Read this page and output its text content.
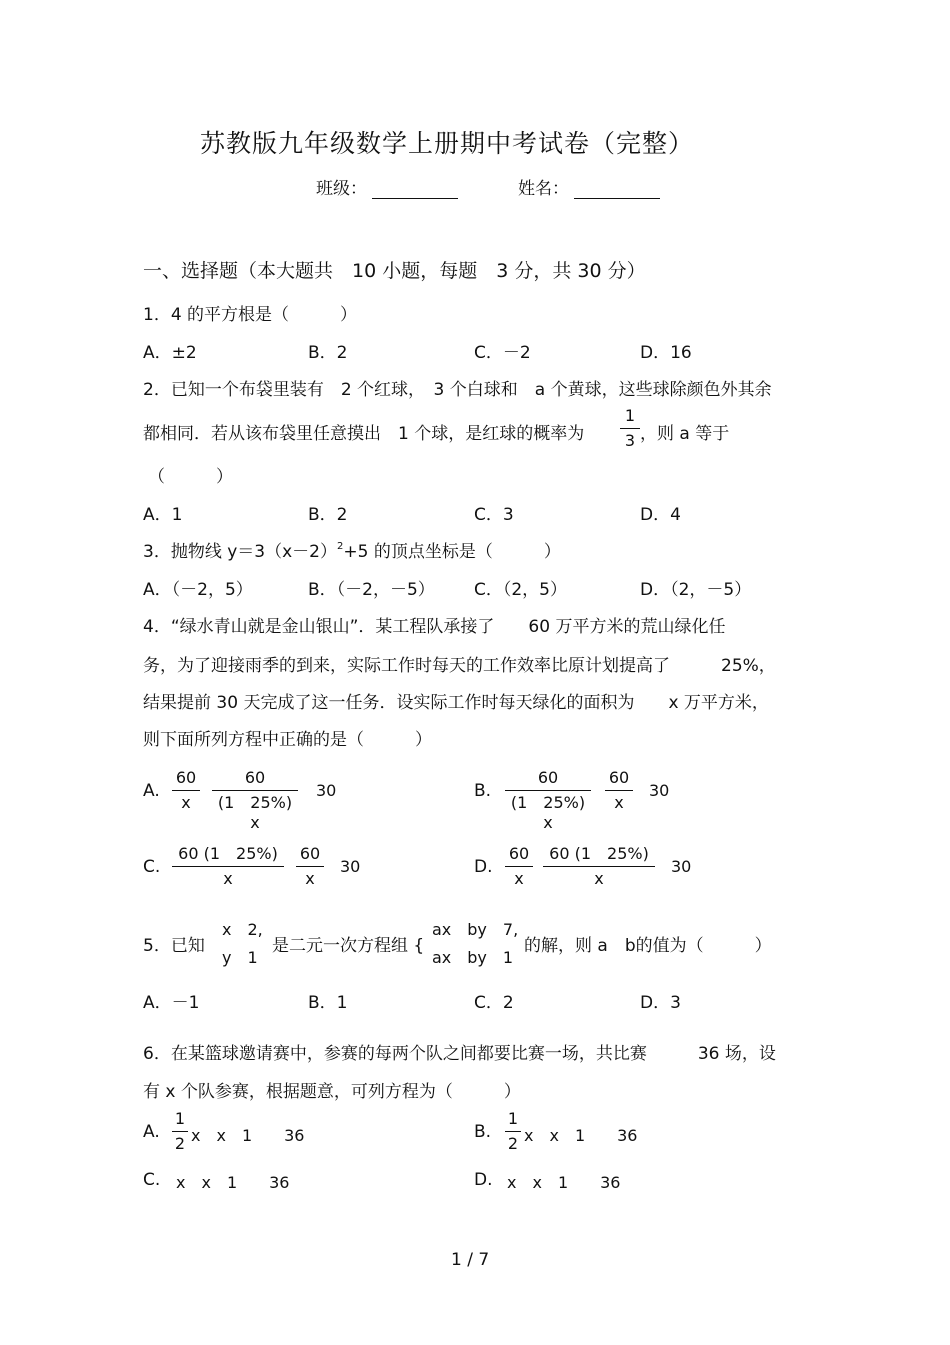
苏教版九年级数学上册期中考试卷（完整）
班级：	姓名：
一、选择题（本大题共　10 小题，每题　3 分，共 30 分）
1．4 的平方根是（　　　）
A．±2	B．2	C．－2	D．16
2．已知一个布袋里装有　2 个红球，　3 个白球和　a 个黄球，这些球除颜色外其余
都相同．若从该布袋里任意摸出　1 个球，是红球的概率为
1
3 ，则 a 等于
（　　　）
A．1	B．2	C．3	D．4
3．抛物线 $y=3(x-2)^2+5$ 的顶点坐标是（　　　）
A．（－2，5）	B．（－2，－5） C．（2，5）	D．（2，－5）
4．“绿水青山就是金山银山”．某工程队承接了　　60 万平方米的荒山绿化任
务，为了迎接雨季的到来，实际工作时每天的工作效率比原计划提高了　　　25%，
结果提前 30 天完成了这一任务．设实际工作时每天绿化的面积为　　x 万平方米，
则下面所列方程中正确的是（　　　）
A.
60
x
60
(1　25%) x
30	B.
60
(1　25%) x
60
x
30
C.
60 (1　25%)
x
60
x
30	D.
60
x
60 (1　25%)
x
30
5．已知
x　2,
y　1
是二元一次方程组 {
ax　by　7,
ax　by　1
的解，则 a　b的值为（　　　）
A．－1	B．1	C．2	D．3
6．在某篮球邀请赛中，参赛的每两个队之间都要比赛一场，共比赛　　　36 场，设
有 x 个队参赛，根据题意，可列方程为（　　　）
A.
1
2 x　x　1　　36	B.
1
2 x　x　1　　36
C. x　x　1　　36	D. x　x　1　　36
1 / 7
